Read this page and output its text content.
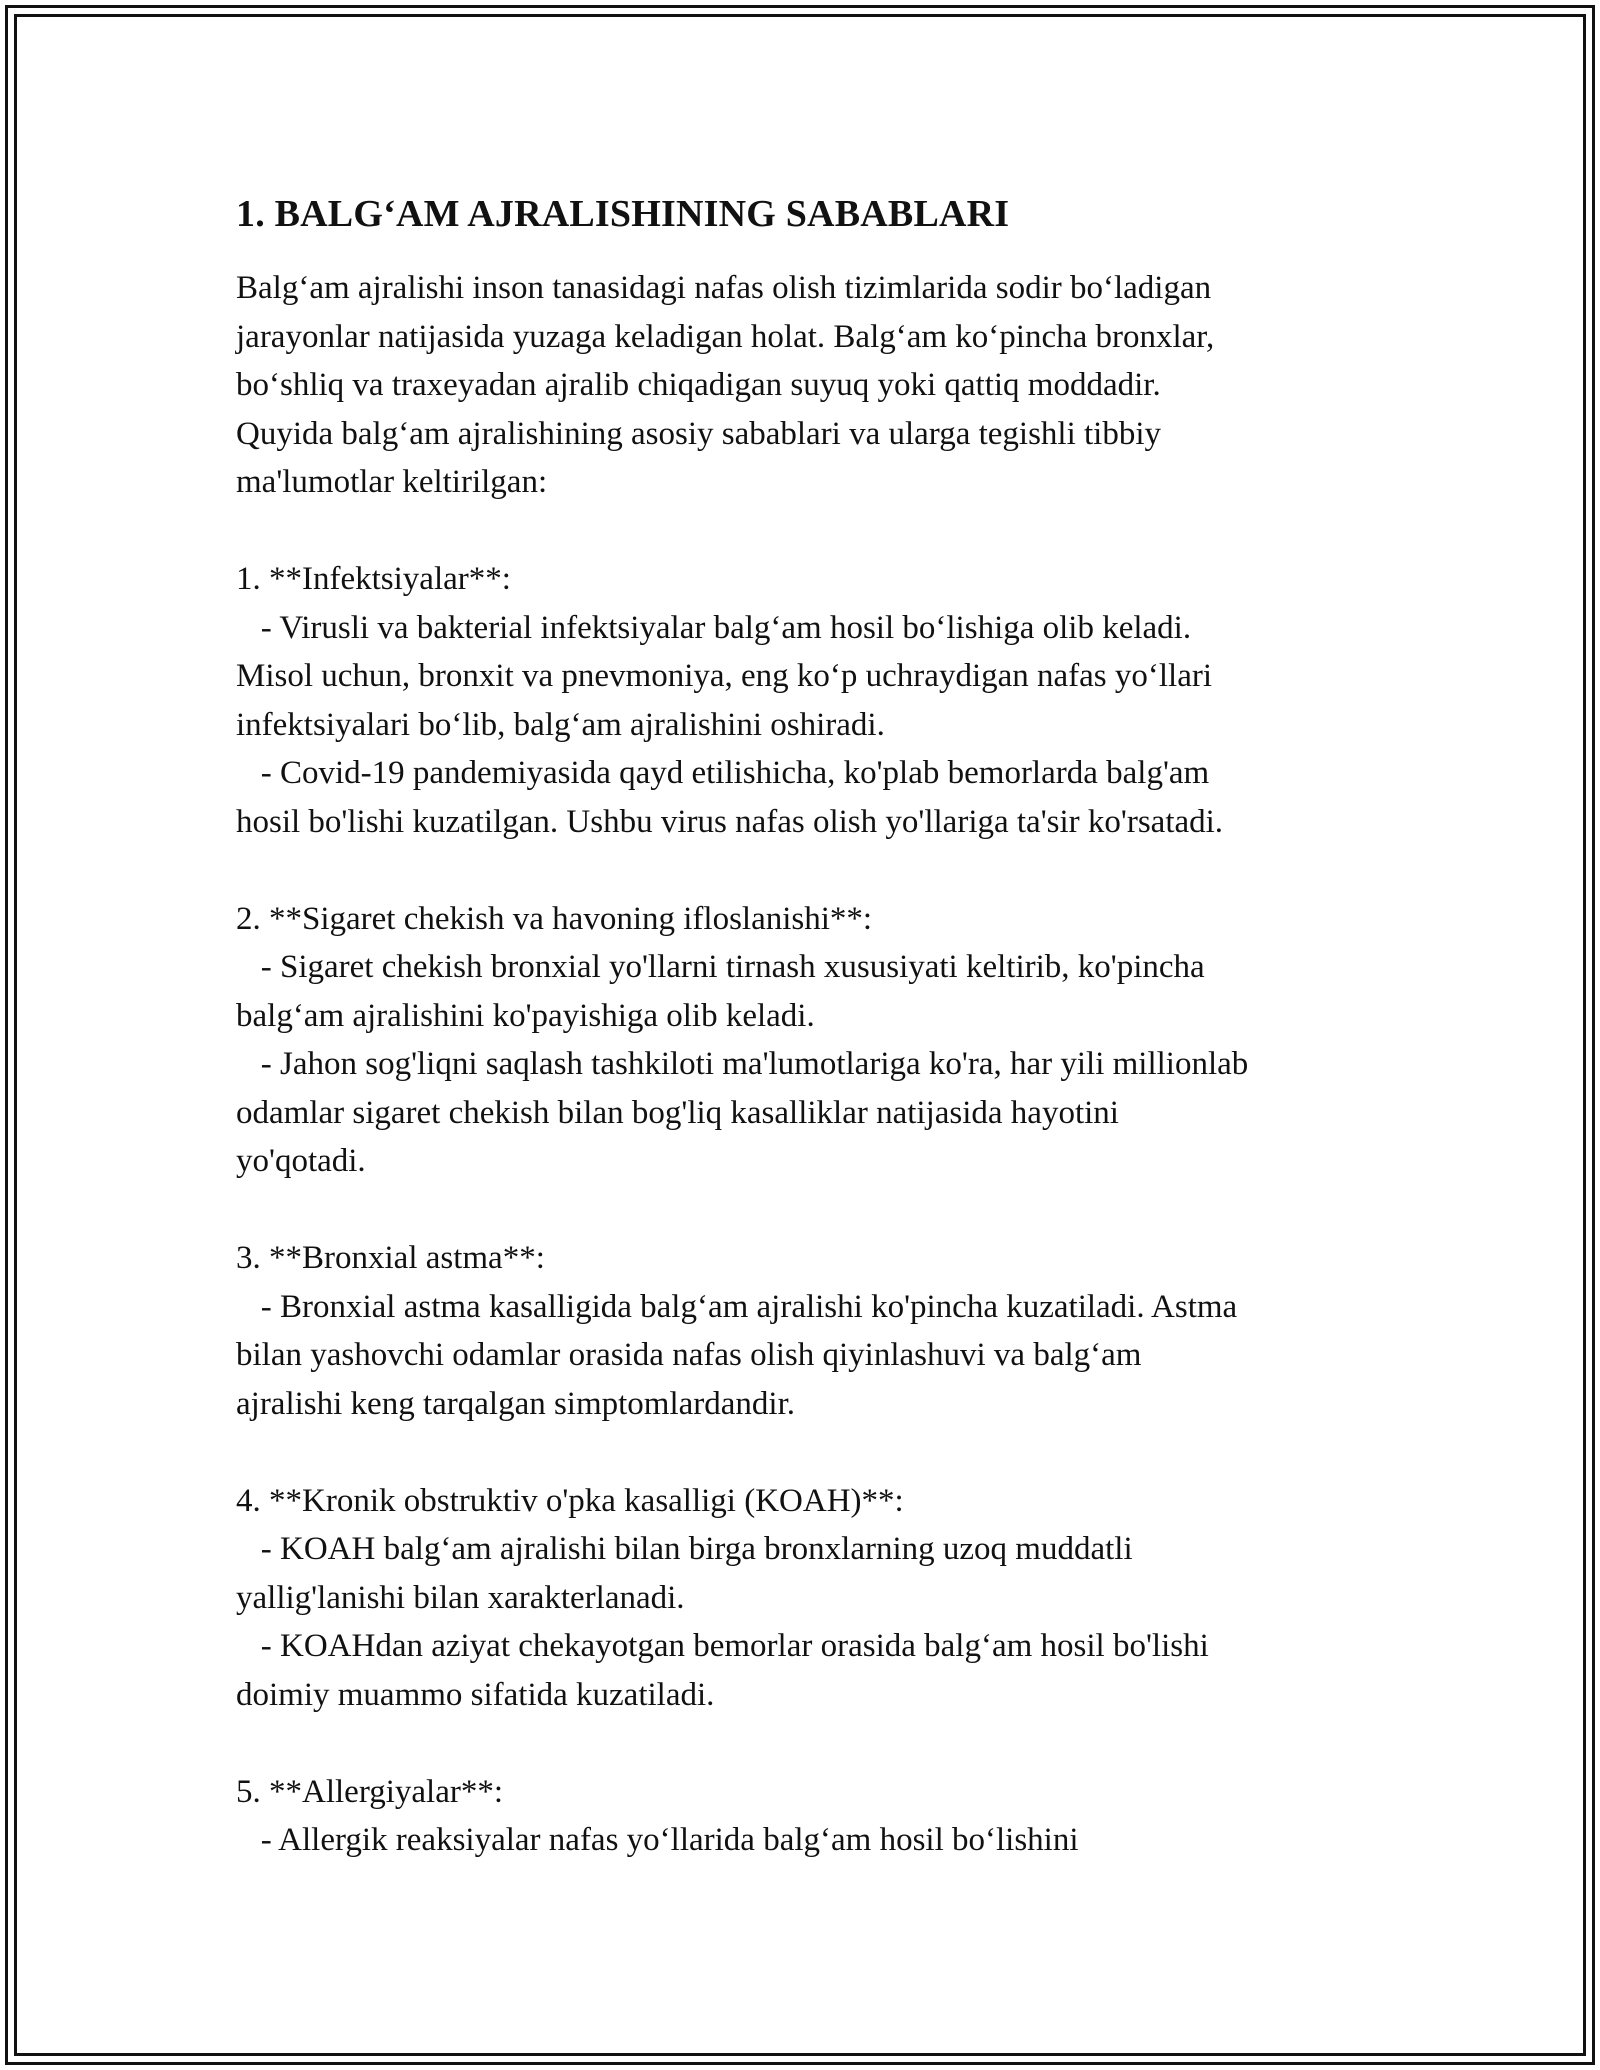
1. BALG‘AM AJRALISHINING SABABLARI
Balg‘am ajralishi inson tanasidagi nafas olish tizimlarida sodir bo‘ladigan
jarayonlar natijasida yuzaga keladigan holat. Balg‘am ko‘pincha bronxlar,
bo‘shliq va traxeyadan ajralib chiqadigan suyuq yoki qattiq moddadir.
Quyida balg‘am ajralishining asosiy sabablari va ularga tegishli tibbiy
ma'lumotlar keltirilgan:

1. **Infektsiyalar**:

- Virusli va bakterial infektsiyalar balg‘am hosil bo‘lishiga olib keladi.

Misol uchun, bronxit va pnevmoniya, eng ko‘p uchraydigan nafas yo‘llari

infektsiyalari bo‘lib, balg‘am ajralishini oshiradi.

- Covid-19 pandemiyasida qayd etilishicha, ko'plab bemorlarda balg'am

hosil bo'lishi kuzatilgan. Ushbu virus nafas olish yo'llariga ta'sir ko'rsatadi.

2. **Sigaret chekish va havoning ifloslanishi**:

- Sigaret chekish bronxial yo'llarni tirnash xususiyati keltirib, ko'pincha

balg‘am ajralishini ko'payishiga olib keladi.

- Jahon sog'liqni saqlash tashkiloti ma'lumotlariga ko'ra, har yili millionlab

odamlar sigaret chekish bilan bog'liq kasalliklar natijasida hayotini

yo'qotadi.

3. **Bronxial astma**:

- Bronxial astma kasalligida balg‘am ajralishi ko'pincha kuzatiladi. Astma

bilan yashovchi odamlar orasida nafas olish qiyinlashuvi va balg‘am

ajralishi keng tarqalgan simptomlardandir.

4. **Kronik obstruktiv o'pka kasalligi (KOAH)**:

- KOAH balg‘am ajralishi bilan birga bronxlarning uzoq muddatli

yallig'lanishi bilan xarakterlanadi.

- KOAHdan aziyat chekayotgan bemorlar orasida balg‘am hosil bo'lishi

doimiy muammo sifatida kuzatiladi.

5. **Allergiyalar**:

- Allergik reaksiyalar nafas yo‘llarida balg‘am hosil bo‘lishini
